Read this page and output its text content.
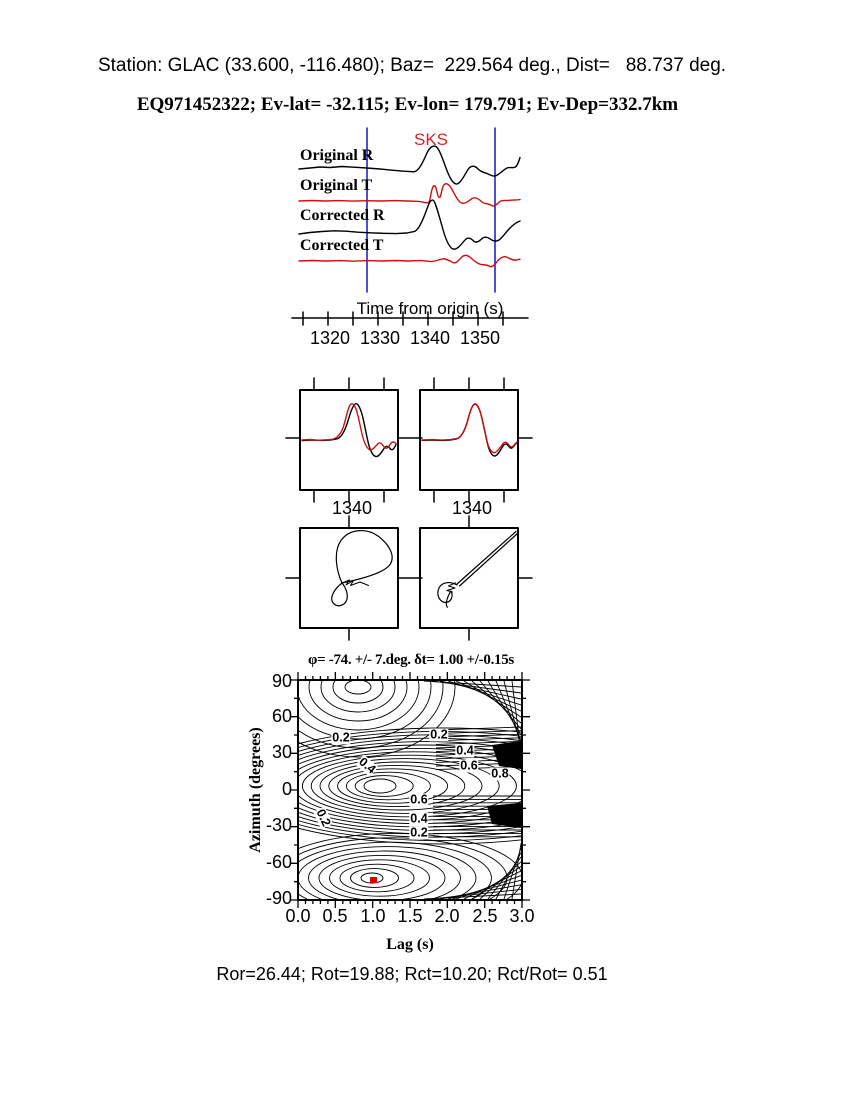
Station: GLAC (33.600, -116.480); Baz=  229.564 deg., Dist=   88.737 deg.
EQ971452322; Ev-lat= -32.115; Ev-lon= 179.791; Ev-Dep=332.7km
SKS
Original R
Original T
Corrected R
Corrected T
Time from origin (s)
1320 1330 1340 1350
1340	1340
φ= -74. +/- 7.deg. δt= 1.00 +/-0.15s
Azimuth (degrees)
90
60
30
0
-30
-60
-90
0.0 0.5 1.0 1.5 2.0 2.5 3.0
Lag (s)
0.2
0.4
0.2
0.4
0.6
0.8
0.6
0.4
0.2
0.2
Ror=26.44; Rot=19.88; Rct=10.20; Rct/Rot= 0.51
